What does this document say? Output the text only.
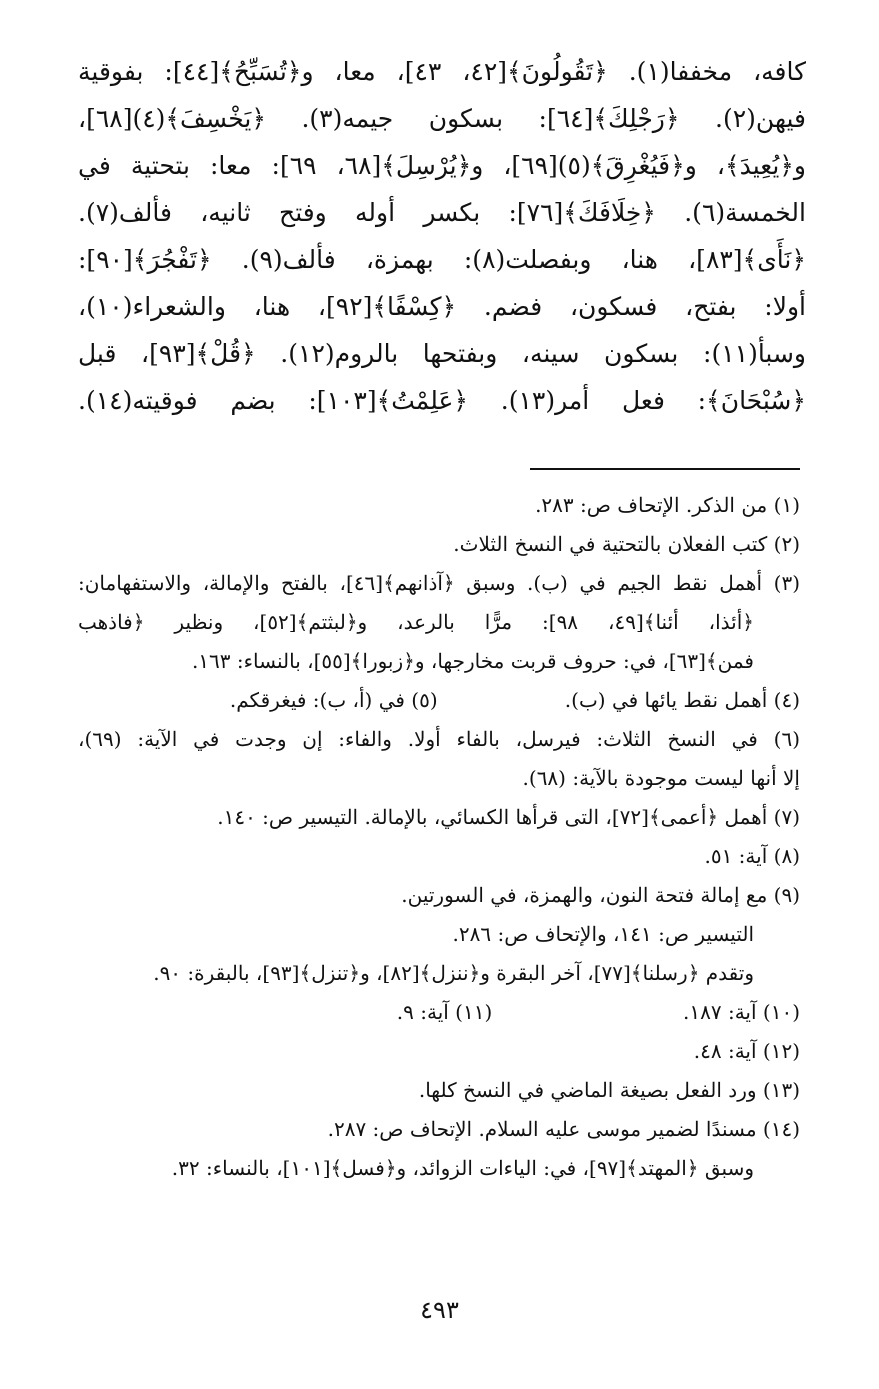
كافه، مخففا(١). ﴿تَقُولُونَ﴾[٤٢، ٤٣]، معا، و﴿تُسَبِّحُ﴾[٤٤]: بفوقية
فيهن(٢). ﴿رَجْلِكَ﴾[٦٤]: بسكون جيمه(٣). ﴿يَخْسِفَ﴾(٤)[٦٨]،
و﴿يُعِيدَ﴾، و﴿فَيُغْرِقَ﴾(٥)[٦٩]، و﴿يُرْسِلَ﴾[٦٨، ٦٩]: معا: بتحتية في
الخمسة(٦). ﴿خِلَافَكَ﴾[٧٦]: بكسر أوله وفتح ثانيه، فألف(٧).
﴿نَأَى﴾[٨٣]، هنا، وبفصلت(٨): بهمزة، فألف(٩). ﴿تَفْجُرَ﴾[٩٠]:
أولا: بفتح، فسكون، فضم. ﴿كِسْفًا﴾[٩٢]، هنا، والشعراء(١٠)،
وسبأ(١١): بسكون سينه، وبفتحها بالروم(١٢). ﴿قُلْ﴾[٩٣]، قبل
﴿سُبْحَانَ﴾: فعل أمر(١٣). ﴿عَلِمْتُ﴾[١٠٣]: بضم فوقيته(١٤).
(١) من الذكر. الإتحاف ص: ٢٨٣.
(٢) كتب الفعلان بالتحتية في النسخ الثلاث.
(٣) أهمل نقط الجيم في (ب). وسبق ﴿آذانهم﴾[٤٦]، بالفتح والإمالة، والاستفهامان:
﴿أئذا، أئنا﴾[٤٩، ٩٨]: مرًّا بالرعد، و﴿لبثتم﴾[٥٢]، ونظير ﴿فاذهب
فمن﴾[٦٣]، في: حروف قربت مخارجها، و﴿زبورا﴾[٥٥]، بالنساء: ١٦٣.
(٤) أهمل نقط يائها في (ب).                    (٥) في (أ، ب): فيغرقكم.
(٦) في النسخ الثلاث: فيرسل، بالفاء أولا. والفاء: إن وجدت في الآية: (٦٩)،
إلا أنها ليست موجودة بالآية: (٦٨).
(٧) أهمل ﴿أعمى﴾[٧٢]، التى قرأها الكسائي، بالإمالة. التيسير ص: ١٤٠.
(٨) آية: ٥١.
(٩) مع إمالة فتحة النون، والهمزة، في السورتين.
التيسير ص: ١٤١، والإتحاف ص: ٢٨٦.
وتقدم ﴿رسلنا﴾[٧٧]، آخر البقرة و﴿ننزل﴾[٨٢]، و﴿تنزل﴾[٩٣]، بالبقرة: ٩٠.
(١٠) آية: ١٨٧.                              (١١) آية: ٩.
(١٢) آية: ٤٨.
(١٣) ورد الفعل بصيغة الماضي في النسخ كلها.
(١٤) مسندًا لضمير موسى عليه السلام. الإتحاف ص: ٢٨٧.
وسبق ﴿المهتد﴾[٩٧]، في: الياءات الزوائد، و﴿فسل﴾[١٠١]، بالنساء: ٣٢.
٤٩٣
